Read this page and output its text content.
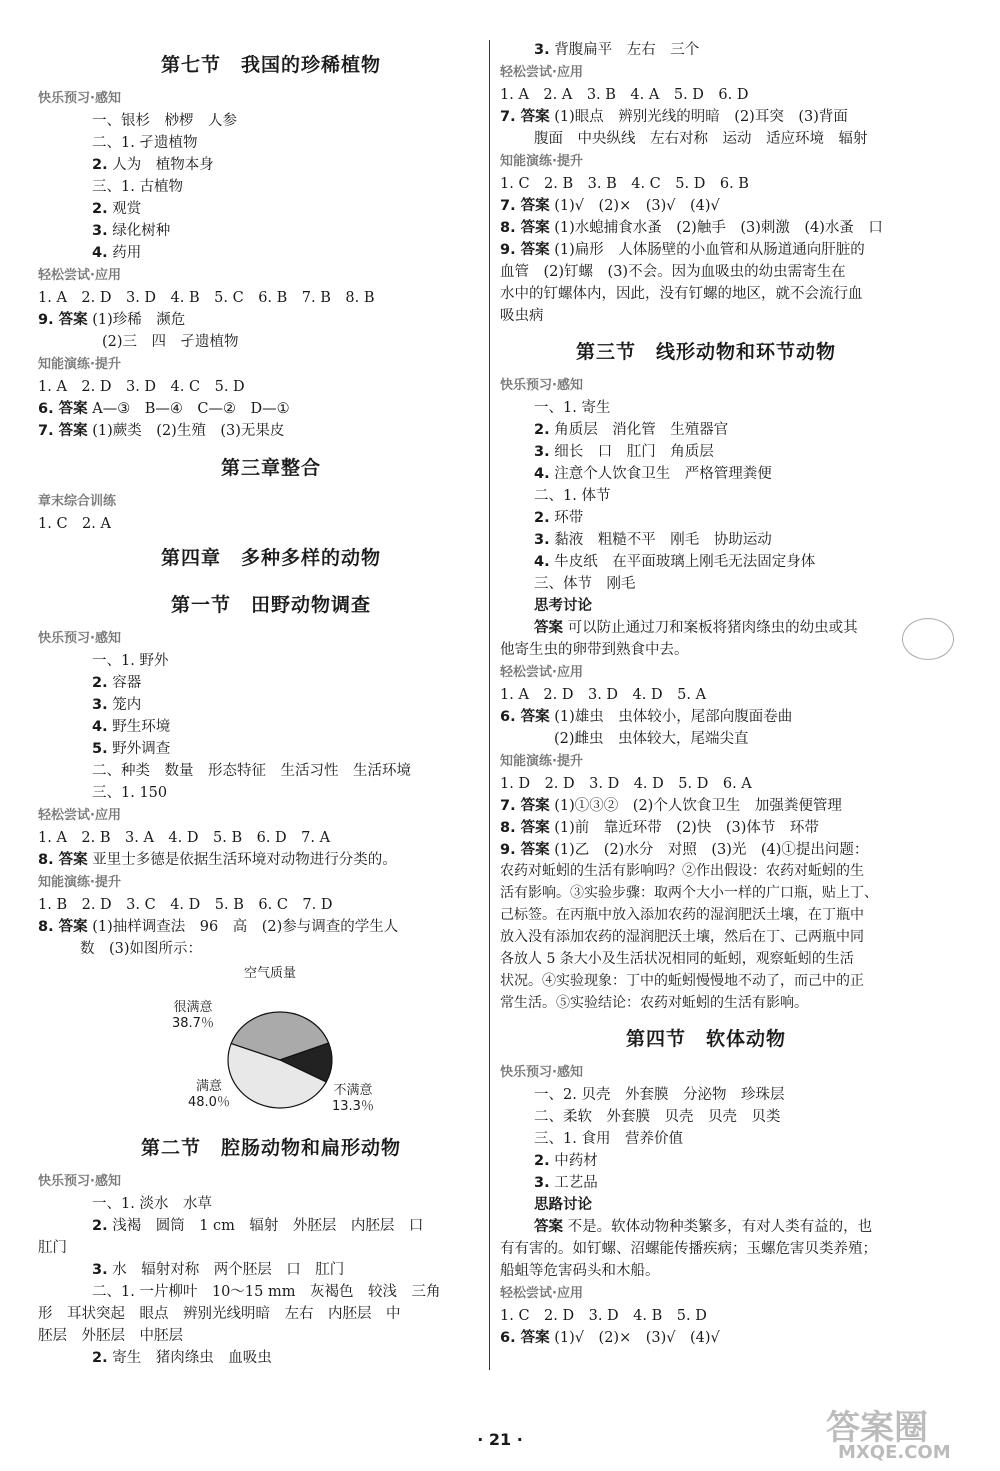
第七节　我国的珍稀植物
快乐预习·感知
一、银杉　桫椤　人参
二、1. 孑遗植物
2. 人为　植物本身
三、1. 古植物
2. 观赏
3. 绿化树种
4. 药用
轻松尝试·应用
1. A　2. D　3. D　4. B　5. C　6. B　7. B　8. B
9. 答案 (1)珍稀　濒危
(2)三　四　孑遗植物
知能演练·提升
1. A　2. D　3. D　4. C　5. D
6. 答案 A—③　B—④　C—②　D—①
7. 答案 (1)蕨类　(2)生殖　(3)无果皮
第三章整合
章末综合训练
1. C　2. A
第四章　多种多样的动物
第一节　田野动物调查
快乐预习·感知
一、1. 野外
2. 容器
3. 笼内
4. 野生环境
5. 野外调查
二、种类　数量　形态特征　生活习性　生活环境
三、1. 150
轻松尝试·应用
1. A　2. B　3. A　4. D　5. B　6. D　7. A
8. 答案 亚里士多德是依据生活环境对动物进行分类的。
知能演练·提升
1. B　2. D　3. C　4. D　5. B　6. C　7. D
8. 答案 (1)抽样调查法　96　高　(2)参与调查的学生人
数　(3)如图所示：
空气质量
很满意
38.7％
不满意
13.3％
满意
48.0％
第二节　腔肠动物和扁形动物
快乐预习·感知
一、1. 淡水　水草
2. 浅褐　圆筒　1 cm　辐射　外胚层　内胚层　口
肛门
3. 水　辐射对称　两个胚层　口　肛门
二、1. 一片柳叶　10～15 mm　灰褐色　较浅　三角
形　耳状突起　眼点　辨别光线明暗　左右　内胚层　中
胚层　外胚层　中胚层
2. 寄生　猪肉绦虫　血吸虫
3. 背腹扁平　左右　三个
轻松尝试·应用
1. A　2. A　3. B　4. A　5. D　6. D
7. 答案 (1)眼点　辨别光线的明暗　(2)耳突　(3)背面
腹面　中央纵线　左右对称　运动　适应环境　辐射
知能演练·提升
1. C　2. B　3. B　4. C　5. D　6. B
7. 答案 (1)√　(2)×　(3)√　(4)√
8. 答案 (1)水螅捕食水蚤　(2)触手　(3)刺激　(4)水蚤　口
9. 答案 (1)扁形　人体肠壁的小血管和从肠道通向肝脏的
血管　(2)钉螺　(3)不会。因为血吸虫的幼虫需寄生在
水中的钉螺体内，因此，没有钉螺的地区，就不会流行血
吸虫病
第三节　线形动物和环节动物
快乐预习·感知
一、1. 寄生
2. 角质层　消化管　生殖器官
3. 细长　口　肛门　角质层
4. 注意个人饮食卫生　严格管理粪便
二、1. 体节
2. 环带
3. 黏液　粗糙不平　刚毛　协助运动
4. 牛皮纸　在平面玻璃上刚毛无法固定身体
三、体节　刚毛
思考讨论
答案 可以防止通过刀和案板将猪肉绦虫的幼虫或其
他寄生虫的卵带到熟食中去。
轻松尝试·应用
1. A　2. D　3. D　4. D　5. A
6. 答案 (1)雄虫　虫体较小，尾部向腹面卷曲
(2)雌虫　虫体较大，尾端尖直
知能演练·提升
1. D　2. D　3. D　4. D　5. D　6. A
7. 答案 (1)①③②　(2)个人饮食卫生　加强粪便管理
8. 答案 (1)前　靠近环带　(2)快　(3)体节　环带
9. 答案 (1)乙　(2)水分　对照　(3)光　(4)①提出问题：
农药对蚯蚓的生活有影响吗？②作出假设：农药对蚯蚓的生
活有影响。③实验步骤：取两个大小一样的广口瓶，贴上丁、
己标签。在丙瓶中放入添加农药的湿润肥沃土壤，在丁瓶中
放入没有添加农药的湿润肥沃土壤，然后在丁、己两瓶中同
各放人 5 条大小及生活状况相同的蚯蚓，观察蚯蚓的生活
状况。④实验现象：丁中的蚯蚓慢慢地不动了，而己中的正
常生活。⑤实验结论：农药对蚯蚓的生活有影响。
第四节　软体动物
快乐预习·感知
一、2. 贝壳　外套膜　分泌物　珍珠层
二、柔软　外套膜　贝壳　贝壳　贝类
三、1. 食用　营养价值
2. 中药材
3. 工艺品
思路讨论
答案 不是。软体动物种类繁多，有对人类有益的，也
有有害的。如钉螺、沼螺能传播疾病；玉螺危害贝类养殖；
船蛆等危害码头和木船。
轻松尝试·应用
1. C　2. D　3. D　4. B　5. D
6. 答案 (1)√　(2)×　(3)√　(4)√
· 21 ·	答案圈
MXQE.COM
